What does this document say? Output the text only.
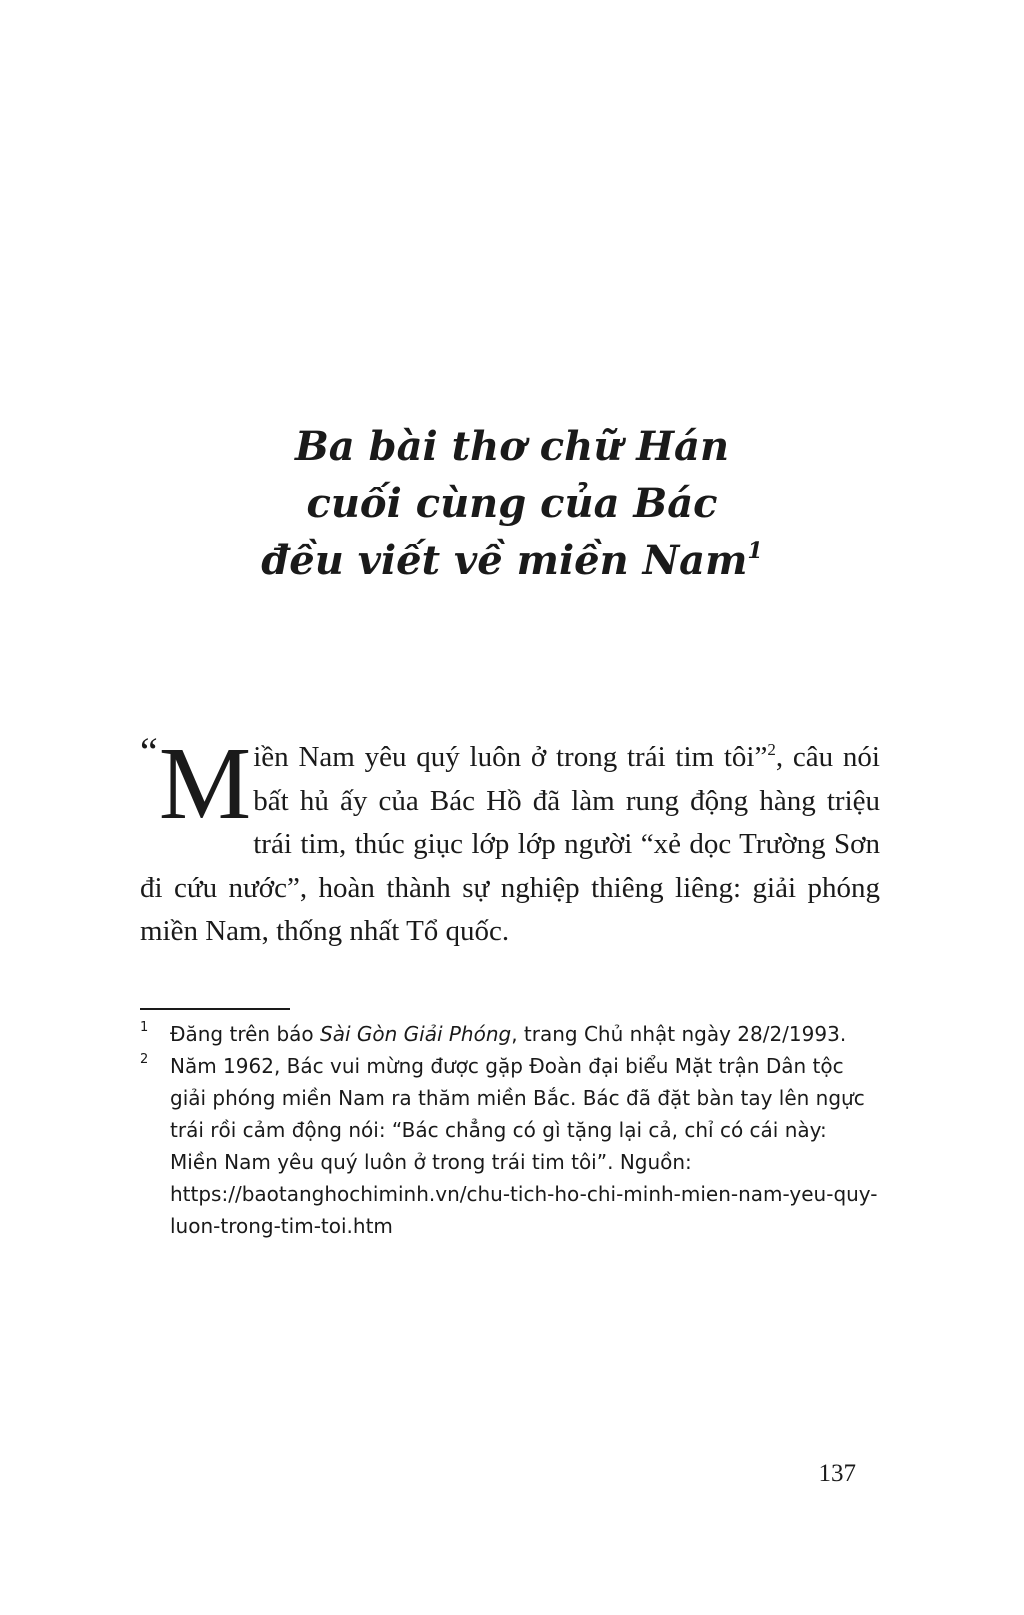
Ba bài thơ chữ Hán
cuối cùng của Bác
đều viết về miền Nam$^1$
“ M iền Nam yêu quý luôn ở trong trái tim tôi”$^2$, câu nói bất hủ ấy của Bác Hồ đã làm rung động hàng triệu trái tim, thúc giục lớp lớp người “xẻ dọc Trường Sơn đi cứu nước”, hoàn thành sự nghiệp thiêng liêng: giải phóng miền Nam, thống nhất Tổ quốc.
1 Đăng trên báo Sài Gòn Giải Phóng, trang Chủ nhật ngày 28/2/1993.
2 Năm 1962, Bác vui mừng được gặp Đoàn đại biểu Mặt trận Dân tộc giải phóng miền Nam ra thăm miền Bắc. Bác đã đặt bàn tay lên ngực trái rồi cảm động nói: “Bác chẳng có gì tặng lại cả, chỉ có cái này: Miền Nam yêu quý luôn ở trong trái tim tôi”. Nguồn: https://baotanghochiminh.vn/chu-tich-ho-chi-minh-mien-nam-yeu-quy-luon-trong-tim-toi.htm
137
